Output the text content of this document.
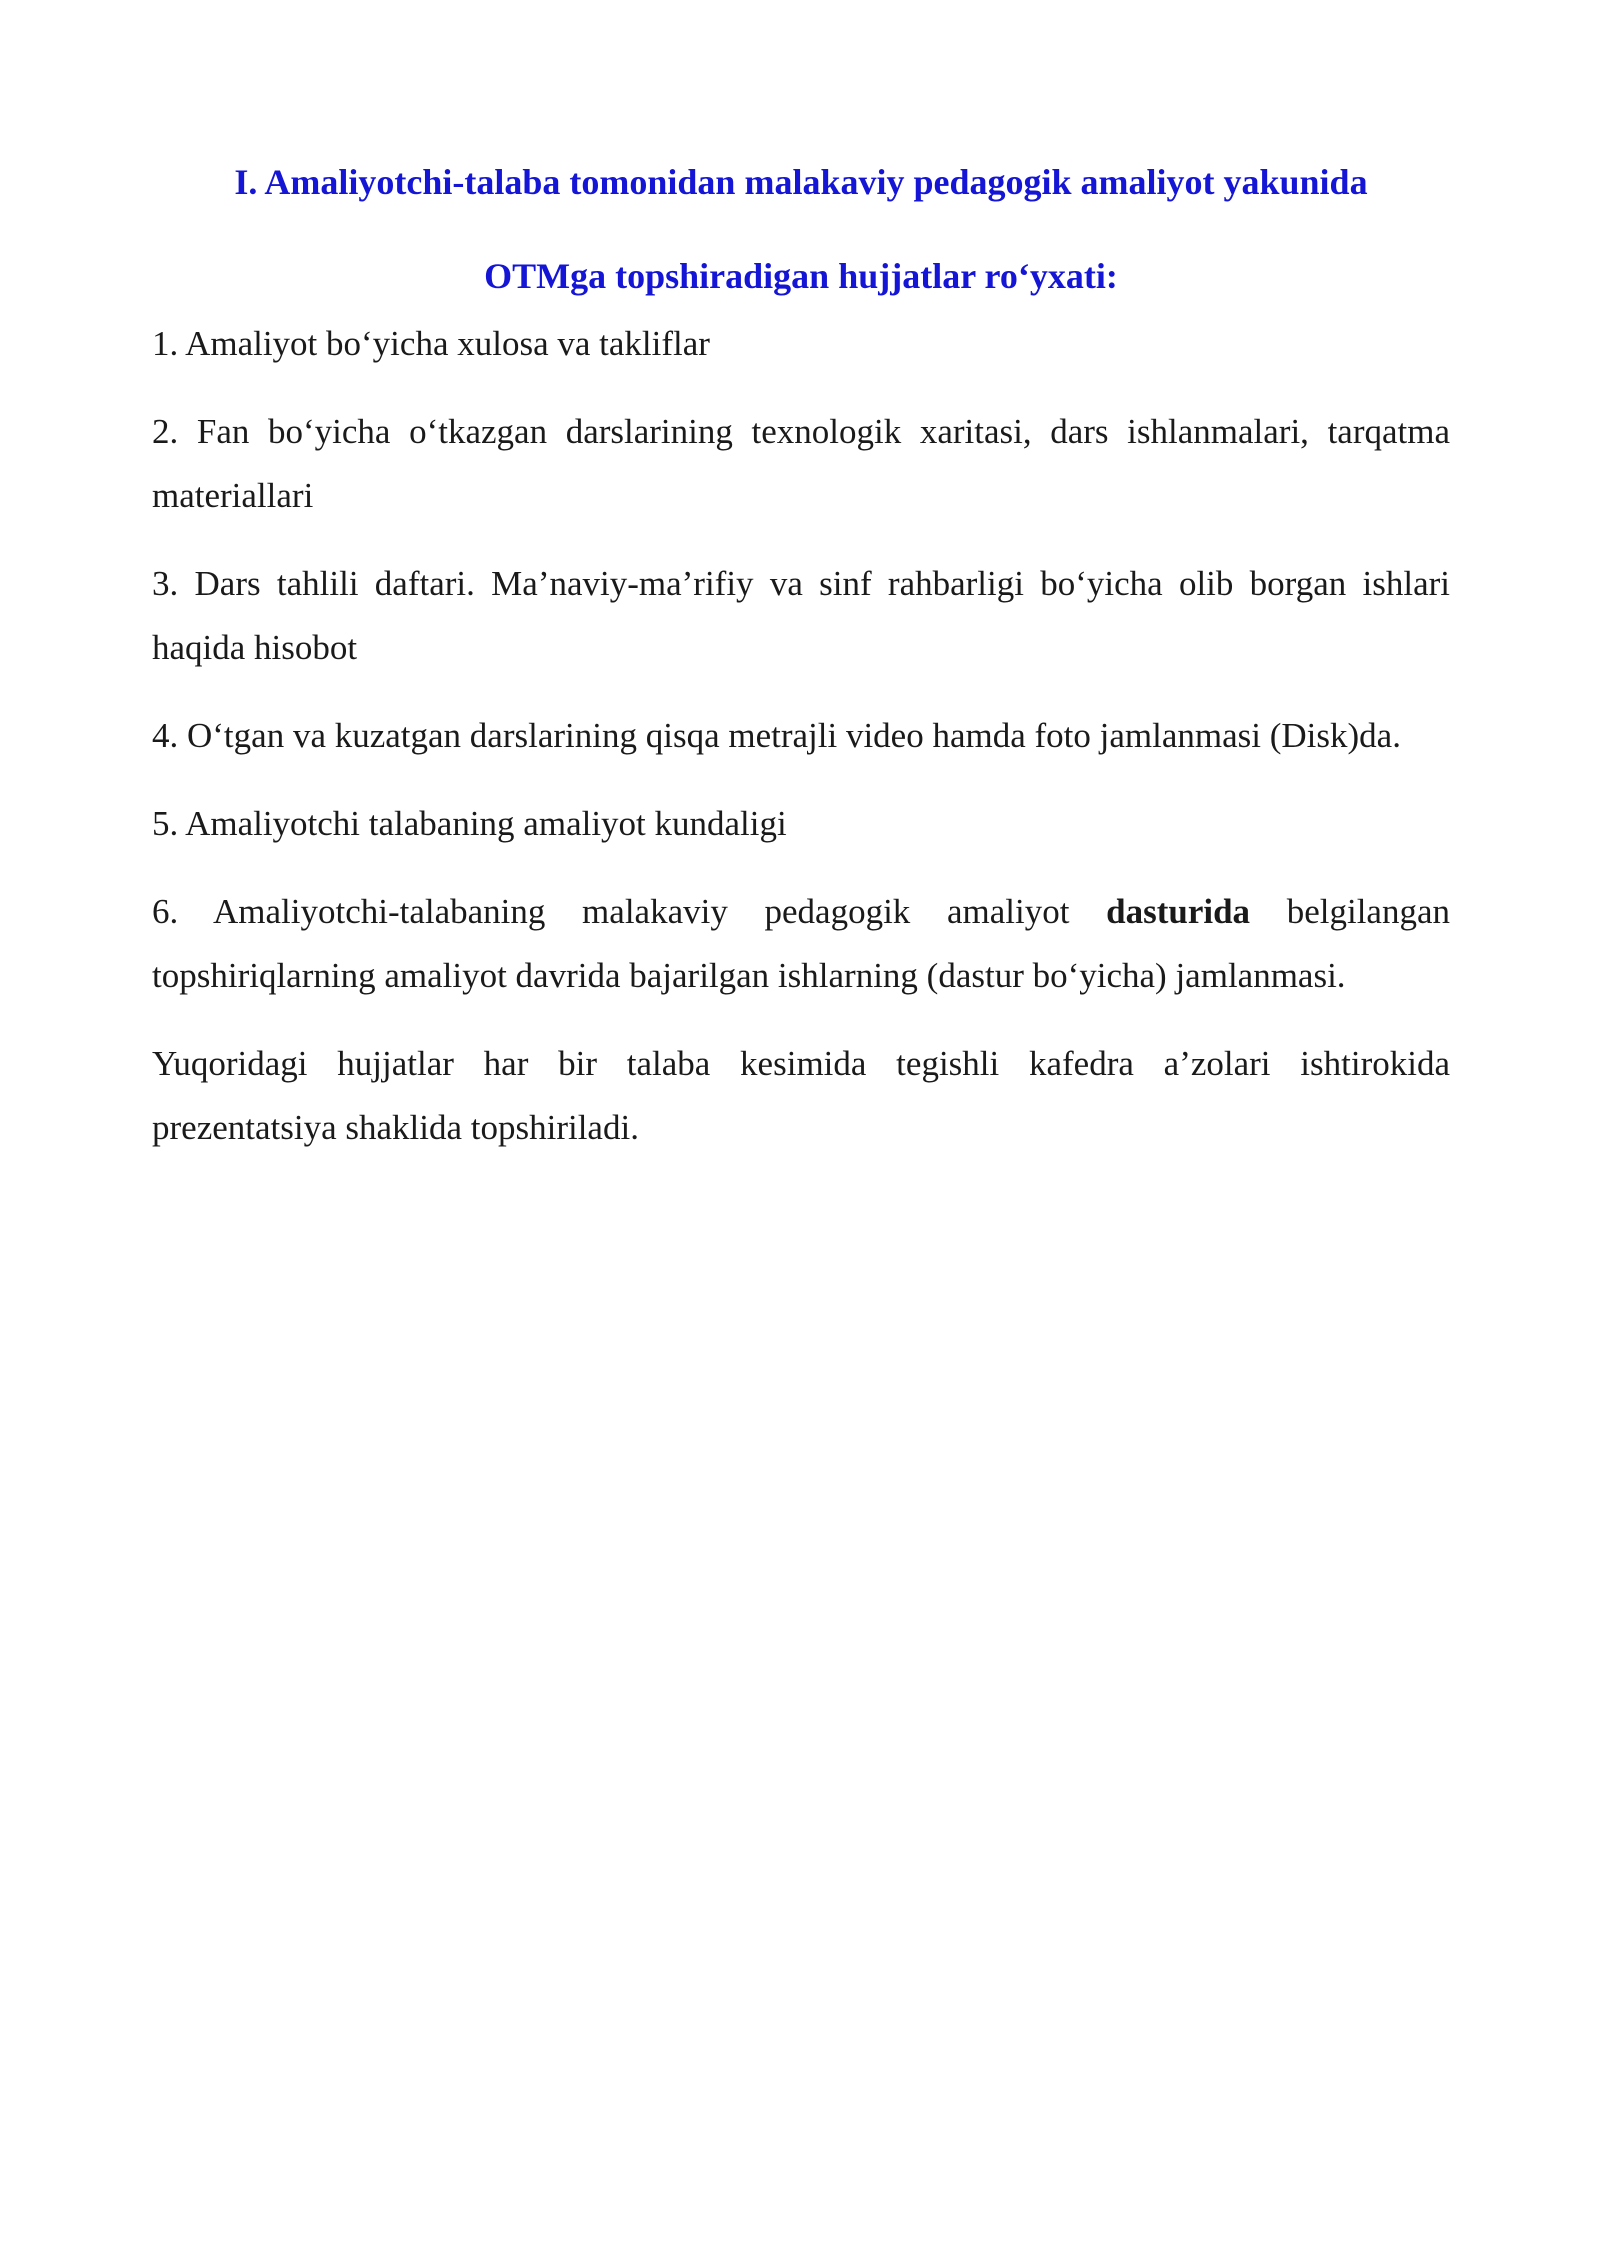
I. Amaliyotchi-talaba tomonidan malakaviy pedagogik amaliyot yakunida
OTMga topshiradigan hujjatlar ro‘yxati:
1. Amaliyot bo‘yicha xulosa va takliflar
2. Fan bo‘yicha o‘tkazgan darslarining texnologik xaritasi, dars ishlanmalari, tarqatma materiallari
3. Dars tahlili daftari. Ma’naviy-ma’rifiy va sinf rahbarligi bo‘yicha olib borgan ishlari haqida hisobot
4. O‘tgan va kuzatgan darslarining qisqa metrajli video hamda foto jamlanmasi (Disk)da.
5. Amaliyotchi talabaning amaliyot kundaligi
6. Amaliyotchi-talabaning malakaviy pedagogik amaliyot dasturida belgilangan topshiriqlarning amaliyot davrida bajarilgan ishlarning (dastur bo‘yicha) jamlanmasi.

Yuqoridagi hujjatlar har bir talaba kesimida tegishli kafedra a’zolari ishtirokida prezentatsiya shaklida topshiriladi.
